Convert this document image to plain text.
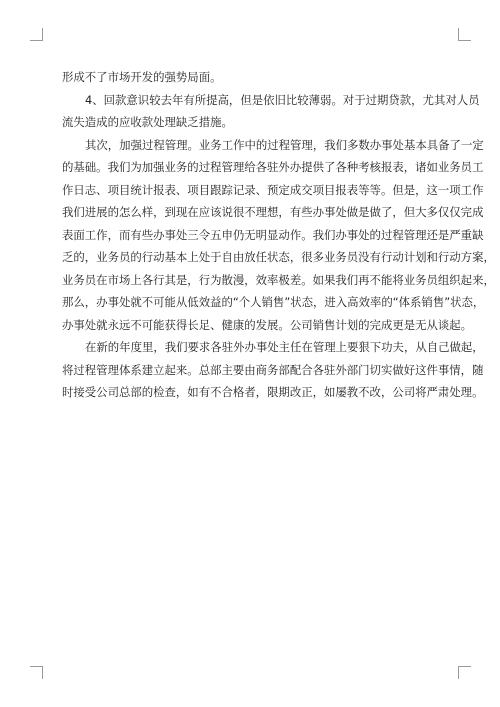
形成不了市场开发的强势局面。
4、回款意识较去年有所提高，但是依旧比较薄弱。对于过期贷款，尤其对人员
流失造成的应收款处理缺乏措施。
其次，加强过程管理。业务工作中的过程管理，我们多数办事处基本具备了一定
的基础。我们为加强业务的过程管理给各驻外办提供了各种考核报表，诸如业务员工
作日志、项目统计报表、项目跟踪记录、预定成交项目报表等等。但是，这一项工作
我们进展的怎么样，到现在应该说很不理想，有些办事处做是做了，但大多仅仅完成
表面工作，而有些办事处三令五申仍无明显动作。我们办事处的过程管理还是严重缺
乏的，业务员的行动基本上处于自由放任状态，很多业务员没有行动计划和行动方案，
业务员在市场上各行其是，行为散漫，效率极差。如果我们再不能将业务员组织起来，
那么，办事处就不可能从低效益的“个人销售”状态，进入高效率的“体系销售”状态，
办事处就永远不可能获得长足、健康的发展。公司销售计划的完成更是无从谈起。
在新的年度里，我们要求各驻外办事处主任在管理上要狠下功夫，从自己做起，
将过程管理体系建立起来。总部主要由商务部配合各驻外部门切实做好这件事情，随
时接受公司总部的检查，如有不合格者，限期改正，如屡教不改，公司将严肃处理。
